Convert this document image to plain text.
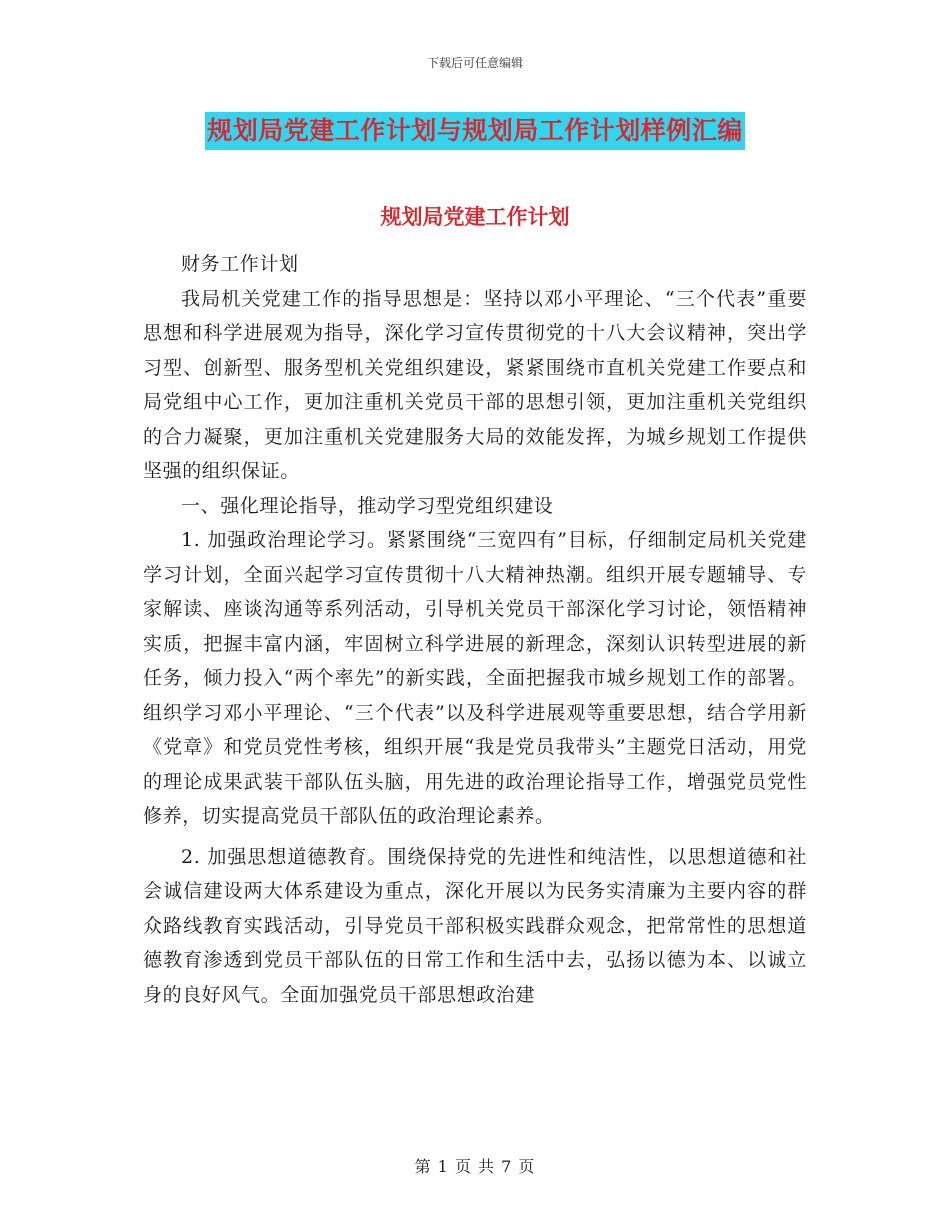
下载后可任意编辑
规划局党建工作计划与规划局工作计划样例汇编
规划局党建工作计划

财务工作计划

我局机关党建工作的指导思想是：坚持以邓小平理论、“三个代表”重要思想和科学进展观为指导，深化学习宣传贯彻党的十八大会议精神，突出学习型、创新型、服务型机关党组织建设，紧紧围绕市直机关党建工作要点和局党组中心工作，更加注重机关党员干部的思想引领，更加注重机关党组织的合力凝聚，更加注重机关党建服务大局的效能发挥，为城乡规划工作提供坚强的组织保证。

一、强化理论指导，推动学习型党组织建设

1. 加强政治理论学习。紧紧围绕“三宽四有”目标，仔细制定局机关党建学习计划，全面兴起学习宣传贯彻十八大精神热潮。组织开展专题辅导、专家解读、座谈沟通等系列活动，引导机关党员干部深化学习讨论，领悟精神实质，把握丰富内涵，牢固树立科学进展的新理念，深刻认识转型进展的新任务，倾力投入“两个率先”的新实践，全面把握我市城乡规划工作的部署。组织学习邓小平理论、“三个代表”以及科学进展观等重要思想，结合学用新《党章》和党员党性考核，组织开展“我是党员我带头”主题党日活动，用党的理论成果武装干部队伍头脑，用先进的政治理论指导工作，增强党员党性修养，切实提高党员干部队伍的政治理论素养。

2. 加强思想道德教育。围绕保持党的先进性和纯洁性，以思想道德和社会诚信建设两大体系建设为重点，深化开展以为民务实清廉为主要内容的群众路线教育实践活动，引导党员干部积极实践群众观念，把常常性的思想道德教育渗透到党员干部队伍的日常工作和生活中去，弘扬以德为本、以诚立身的良好风气。全面加强党员干部思想政治建

第 1 页 共 7 页
